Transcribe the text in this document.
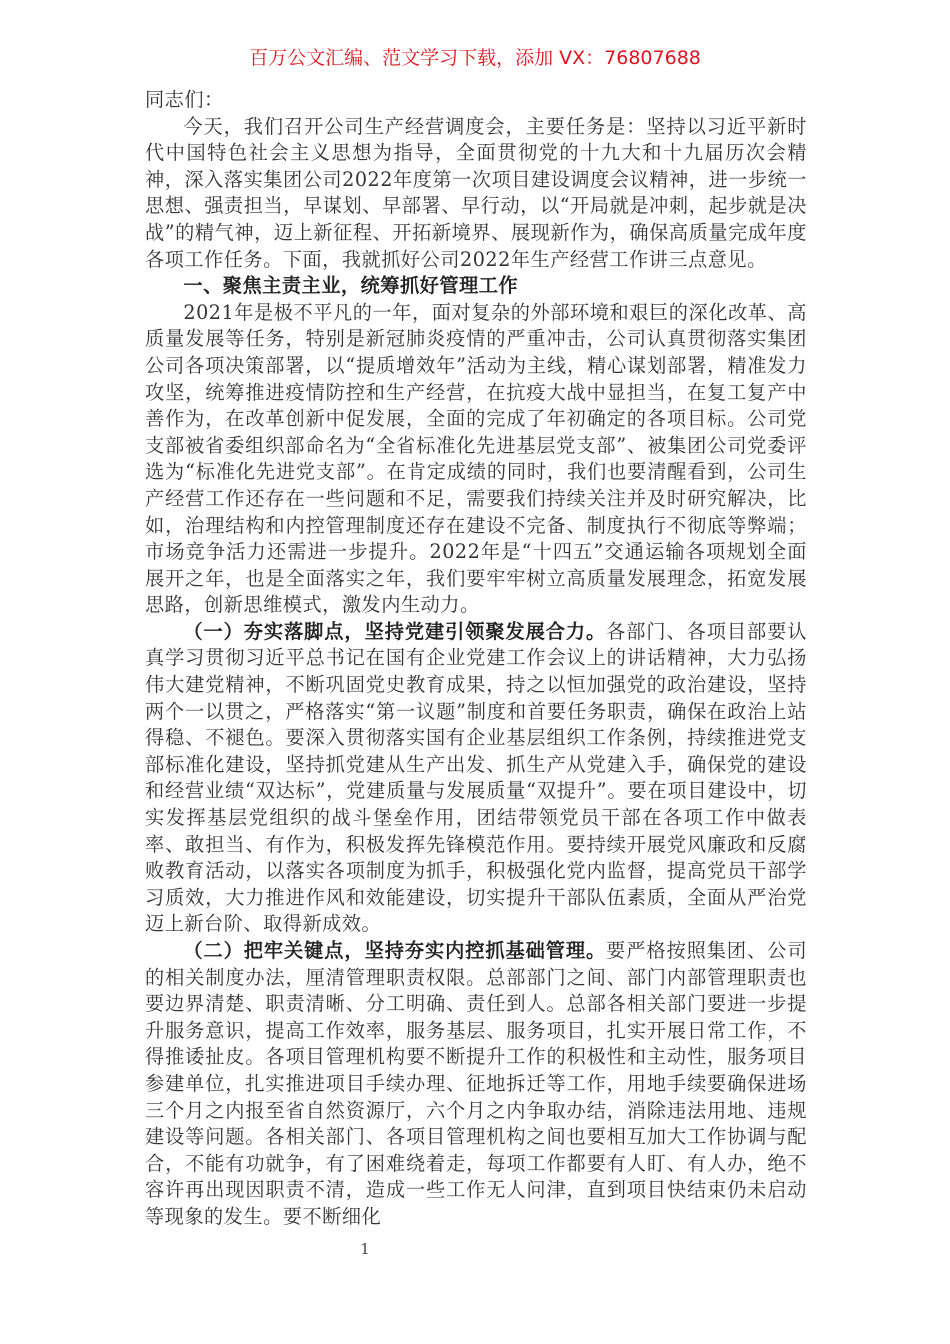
百万公文汇编、范文学习下载，添加 VX：76807688

同志们：

今天，我们召开公司生产经营调度会，主要任务是：坚持以习近平新时代中国特色社会主义思想为指导，全面贯彻党的十九大和十九届历次会精神，深入落实集团公司2022年度第一次项目建设调度会议精神，进一步统一思想、强责担当，早谋划、早部署、早行动，以“开局就是冲刺，起步就是决战”的精气神，迈上新征程、开拓新境界、展现新作为，确保高质量完成年度各项工作任务。下面，我就抓好公司2022年生产经营工作讲三点意见。

一、聚焦主责主业，统筹抓好管理工作

2021年是极不平凡的一年，面对复杂的外部环境和艰巨的深化改革、高质量发展等任务，特别是新冠肺炎疫情的严重冲击，公司认真贯彻落实集团公司各项决策部署，以“提质增效年”活动为主线，精心谋划部署，精准发力攻坚，统筹推进疫情防控和生产经营，在抗疫大战中显担当，在复工复产中善作为，在改革创新中促发展，全面的完成了年初确定的各项目标。公司党支部被省委组织部命名为“全省标准化先进基层党支部”、被集团公司党委评选为“标准化先进党支部”。在肯定成绩的同时，我们也要清醒看到，公司生产经营工作还存在一些问题和不足，需要我们持续关注并及时研究解决，比如，治理结构和内控管理制度还存在建设不完备、制度执行不彻底等弊端；市场竞争活力还需进一步提升。2022年是“十四五”交通运输各项规划全面展开之年，也是全面落实之年，我们要牢牢树立高质量发展理念，拓宽发展思路，创新思维模式，激发内生动力。

（一）夯实落脚点，坚持党建引领聚发展合力。各部门、各项目部要认真学习贯彻习近平总书记在国有企业党建工作会议上的讲话精神，大力弘扬伟大建党精神，不断巩固党史教育成果，持之以恒加强党的政治建设，坚持两个一以贯之，严格落实“第一议题”制度和首要任务职责，确保在政治上站得稳、不褪色。要深入贯彻落实国有企业基层组织工作条例，持续推进党支部标准化建设，坚持抓党建从生产出发、抓生产从党建入手，确保党的建设和经营业绩“双达标”，党建质量与发展质量“双提升”。要在项目建设中，切实发挥基层党组织的战斗堡垒作用，团结带领党员干部在各项工作中做表率、敢担当、有作为，积极发挥先锋模范作用。要持续开展党风廉政和反腐败教育活动，以落实各项制度为抓手，积极强化党内监督，提高党员干部学习质效，大力推进作风和效能建设，切实提升干部队伍素质，全面从严治党迈上新台阶、取得新成效。

（二）把牢关键点，坚持夯实内控抓基础管理。要严格按照集团、公司的相关制度办法，厘清管理职责权限。总部部门之间、部门内部管理职责也要边界清楚、职责清晰、分工明确、责任到人。总部各相关部门要进一步提升服务意识，提高工作效率，服务基层、服务项目，扎实开展日常工作，不得推诿扯皮。各项目管理机构要不断提升工作的积极性和主动性，服务项目参建单位，扎实推进项目手续办理、征地拆迁等工作，用地手续要确保进场三个月之内报至省自然资源厅，六个月之内争取办结，消除违法用地、违规建设等问题。各相关部门、各项目管理机构之间也要相互加大工作协调与配合，不能有功就争，有了困难绕着走，每项工作都要有人盯、有人办，绝不容许再出现因职责不清，造成一些工作无人问津，直到项目快结束仍未启动等现象的发生。要不断细化

1
